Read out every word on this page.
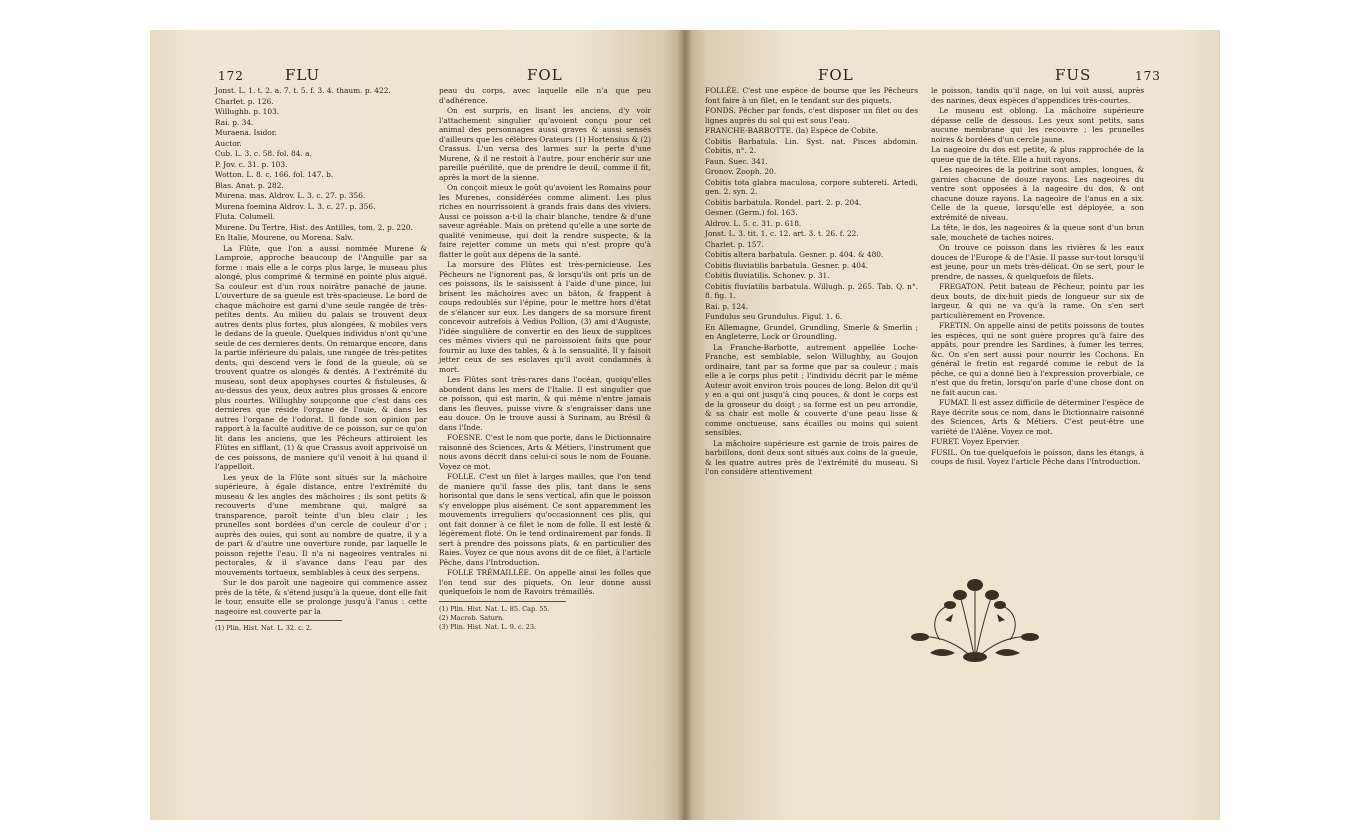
172	FLU	FOL

Jonst. L. 1. t. 2. a. 7. t. 5. f. 3. 4. thaum. p. 422.

Charlet. p. 126.

Willughb. p. 103.

Rai. p. 34.

Muraena. Isidor.

Auctor.

Cub. L. 3. c. 58. fol. 84. a.

P. Jov. c. 31. p. 103.

Wotton. L. 8. c. 166. fol. 147. b.

Blas. Anat. p. 282.

Murena. mas. Aldrov. L. 3. c. 27. p. 356.

Murena foemina Aldrov. L. 3. c. 27. p. 356.

Fluta. Columell.

Murene. Du Tertre, Hist. des Antilles, tom. 2. p. 220.

En Italie, Mourene, ou Morena. Salv.

La Flûte, que l'on a aussi nommée Murene & Lamproie, approche beaucoup de l'Anguille par sa forme : mais elle a le corps plus large, le museau plus alongé, plus comprimé & terminé en pointe plus aiguë. Sa couleur est d'un roux noirâtre panaché de jaune. L'ouverture de sa gueule est très-spacieuse. Le bord de chaque mâchoire est garni d'une seule rangée de très-petites dents. Au milieu du palais se trouvent deux autres dents plus fortes, plus alongées, & mobiles vers le dedans de la gueule. Quelques individus n'ont qu'une seule de ces dernieres dents. On remarque encore, dans la partie inférieure du palais, une rangée de très-petites dents, qui descend vers le fond de la gueule, où se trouvent quatre os alongés & dentés. A l'extrémité du museau, sont deux apophyses courtes & fistuleuses, & au-dessus des yeux, deux autres plus grosses & encore plus courtes. Willughby soupçonne que c'est dans ces dernieres que réside l'organe de l'ouie, & dans les autres l'organe de l'odorat. Il fonde son opinion par rapport à la faculté auditive de ce poisson, sur ce qu'on lit dans les anciens, que les Pêcheurs attiroient les Flûtes en sifflant, (1) & que Crassus avoit apprivoisé un de ces poissons, de maniere qu'il venoit à lui quand il l'appelloit.

Les yeux de la Flûte sont situés sur la mâchoire supérieure, à égale distance, entre l'extrémité du museau & les angles des mâchoires ; ils sont petits & recouverts d'une membrane qui, malgré sa transparence, paroît teinte d'un bleu clair ; les prunelles sont bordées d'un cercle de couleur d'or ; auprès des ouies, qui sont au nombre de quatre, il y a de part & d'autre une ouverture ronde, par laquelle le poisson rejette l'eau. Il n'a ni nageoires ventrales ni pectorales, & il s'avance dans l'eau par des mouvements tortueux, semblables à ceux des serpens.

Sur le dos paroît une nageoire qui commence assez près de la tête, & s'étend jusqu'à la queue, dont elle fait le tour, ensuite elle se prolonge jusqu'à l'anus : cette nageoire est couverte par la

(1) Plin. Hist. Nat. L. 32. c. 2.

peau du corps, avec laquelle elle n'a que peu d'adhérence.

On est surpris, en lisant les anciens, d'y voir l'attachement singulier qu'avoient conçu pour cet animal des personnages aussi graves & aussi sensés d'ailleurs que les célèbres Orateurs (1) Hortensius & (2) Crassus. L'un versa des larmes sur la perte d'une Murene, & il ne restoit à l'autre, pour enchérir sur une pareille puérilité, que de prendre le deuil, comme il fit, après la mort de la sienne.

On conçoit mieux le goût qu'avoient les Romains pour les Murenes, considérées comme aliment. Les plus riches en nourrissoient à grands frais dans des viviers. Aussi ce poisson a-t-il la chair blanche, tendre & d'une saveur agréable. Mais on prétend qu'elle a une sorte de qualité venimeuse, qui doit la rendre suspecte, & la faire rejetter comme un mets qui n'est propre qu'à flatter le goût aux dépens de la santé.

La morsure des Flûtes est très-pernicieuse. Les Pêcheurs ne l'ignorent pas, & lorsqu'ils ont pris un de ces poissons, ils le saisissent à l'aide d'une pince, lui brisent les mâchoires avec un bâton, & frappent à coups redoublés sur l'épine, pour le mettre hors d'état de s'élancer sur eux. Les dangers de sa morsure firent concevoir autrefois à Vedius Pollion, (3) ami d'Auguste, l'idée singulière de convertir en des lieux de supplices ces mêmes viviers qui ne paroissoient faits que pour fournir au luxe des tables, & à la sensualité. Il y faisoit jetter ceux de ses esclaves qu'il avoit condamnés à mort.

Les Flûtes sont très-rares dans l'océan, quoiqu'elles abondent dans les mers de l'Italie. Il est singulier que ce poisson, qui est marin, & qui même n'entre jamais dans les fleuves, puisse vivre & s'engraisser dans une eau douce. On le trouve aussi à Surinam, au Brésil & dans l'Inde.

FOESNE. C'est le nom que porte, dans le Dictionnaire raisonné des Sciences, Arts & Métiers, l'instrument que nous avons décrit dans celui-ci sous le nom de Fouane. Voyez ce mot.

FOLLE. C'est un filet à larges mailles, que l'on tend de maniere qu'il fasse des plis, tant dans le sens horisontal que dans le sens vertical, afin que le poisson s'y enveloppe plus aisément. Ce sont apparemment les mouvements irreguliers qu'occasionnent ces plis, qui ont fait donner à ce filet le nom de folle. Il est lesté & légèrement floté. On le tend ordinairement par fonds. Il sert à prendre des poissons plats, & en particulier des Raies. Voyez ce que nous avons dit de ce filet, à l'article Pêche, dans l'Introduction.

FOLLE TRÉMAILLÉE. On appelle ainsi les folles que l'on tend sur des piquets. On leur donne aussi quelquefois le nom de Ravoirs trémaillés.

(1) Plin. Hist. Nat. L. 85. Cap. 55.

(2) Macrob. Saturn.

(3) Plin. Hist. Nat. L. 9. c. 23.

FOL	FUS	173

FOLLÉE. C'est une espèce de bourse que les Pêcheurs font faire à un filet, en le tendant sur des piquets.

FONDS. Pêcher par fonds, c'est disposer un filet ou des lignes auprès du sol qui est sous l'eau.

FRANCHE-BARBOTTE. (la) Espèce de Cobite.

Cobitis Barbatula. Lin. Syst. nat. Pisces abdomin. Cobitis, n°. 2.

Faun. Suec. 341.

Gronov. Zooph. 20.

Cobitis tota glabra maculosa, corpore subtereti. Artedi, gen. 2. syn. 2.

Cobitis barbatula. Rondel. part. 2. p. 204.

Gesner. (Germ.) fol. 163.

Aldrov. L. 5. c. 31. p. 618.

Jonst. L. 3. tit. 1. c. 12. art. 3. t. 26. f. 22.

Charlet. p. 157.

Cobitis altera barbatula. Gesner. p. 404. & 480.

Cobitis fluviatilis barbatula. Gesner. p. 404.

Cobitis fluviatilis. Schonev. p. 31.

Cobitis fluviatilis barbatula. Willugh. p. 265. Tab. Q. n°. 8. fig. 1.

Rai. p. 124.

Fundulus seu Grundulus. Figul. 1. 6.

En Allemagne, Grundel, Grundling, Smerle & Smerlin ; en Angleterre, Lock or Groundling.

La Franche-Barbotte, autrement appellée Loche-Franche, est semblable, selon Willughby, au Goujon ordinaire, tant par sa forme que par sa couleur ; mais elle a le corps plus petit ; l'individu décrit par le même Auteur avoit environ trois pouces de long. Belon dit qu'il y en a qui ont jusqu'à cinq pouces, & dont le corps est de la grosseur du doigt ; sa forme est un peu arrondie, & sa chair est molle & couverte d'une peau lisse & comme onctueuse, sans écailles ou moins qui soient sensibles.

La mâchoire supérieure est garnie de trois paires de barbillons, dont deux sont situés aux coins de la gueule, & les quatre autres près de l'extrémité du museau. Si l'on considère attentivement

le poisson, tandis qu'il nage, on lui voit aussi, auprès des narines, deux espèces d'appendices très-courtes.

Le museau est oblong. La mâchoire supérieure dépasse celle de dessous. Les yeux sont petits, sans aucune membrane qui les recouvre ; les prunelles noires & bordées d'un cercle jaune.

La nageoire du dos est petite, & plus rapprochée de la queue que de la tête. Elle a huit rayons.

Les nageoires de la poitrine sont amples, longues, & garnies chacune de douze rayons. Les nageoires du ventre sont opposées à la nageoire du dos, & ont chacune douze rayons. La nageoire de l'anus en a six. Celle de la queue, lorsqu'elle est déployée, a son extrémité de niveau.

La tête, le dos, les nageoires & la queue sont d'un brun sale, moucheté de taches noires.

On trouve ce poisson dans les rivières & les eaux douces de l'Europe & de l'Asie. Il passe sur-tout lorsqu'il est jeune, pour un mets très-délicat. On se sert, pour le prendre, de nasses, & quelquefois de filets.

FREGATON. Petit bateau de Pêcheur, pointu par les deux bouts, de dix-huit pieds de longueur sur six de largeur, & qui ne va qu'à la rame. On s'en sert particulièrement en Provence.

FRETIN. On appelle ainsi de petits poissons de toutes les espèces, qui ne sont guère propres qu'à faire des appâts, pour prendre les Sardines, à fumer les terres, &c. On s'en sert aussi pour nourrir les Cochons. En général le fretin est regardé comme le rebut de la pêche, ce qui a donné lieu à l'expression proverbiale, ce n'est que du fretin, lorsqu'on parle d'une chose dont on ne fait aucun cas.

FUMAT. Il est assez difficile de déterminer l'espèce de Raye décrite sous ce nom, dans le Dictionnaire raisonné des Sciences, Arts & Métiers. C'est peut-être une variété de l'Alêne. Voyez ce mot.

FURET. Voyez Epervier.

FUSIL. On tue quelquefois le poisson, dans les étangs, à coups de fusil. Voyez l'article Pêche dans l'Introduction.
